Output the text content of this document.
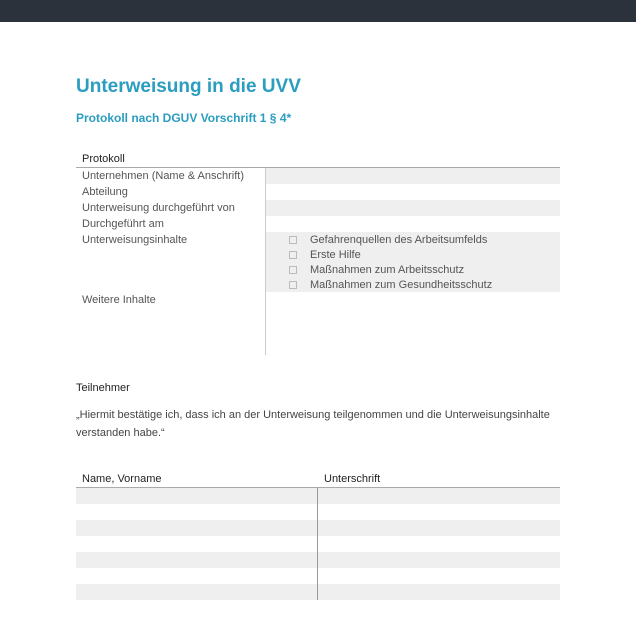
Unterweisung in die UVV
Protokoll nach DGUV Vorschrift 1 § 4*
Protokoll
Unternehmen (Name & Anschrift)
Abteilung
Unterweisung durchgeführt von
Durchgeführt am
Unterweisungsinhalte
Weitere Inhalte
Gefahrenquellen des Arbeitsumfelds
Erste Hilfe
Maßnahmen zum Arbeitsschutz
Maßnahmen zum Gesundheitsschutz
Teilnehmer
„Hiermit bestätige ich, dass ich an der Unterweisung teilgenommen und die Unterweisungsinhalte verstanden habe.“
Name, Vorname	Unterschrift
